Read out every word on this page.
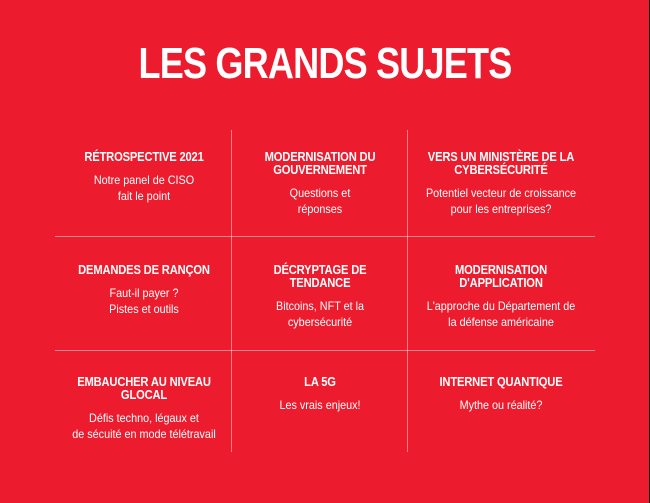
LES GRANDS SUJETS
RÉTROSPECTIVE 2021
Notre panel de CISO
fait le point
MODERNISATION DU
GOUVERNEMENT
Questions et
réponses
VERS UN MINISTÈRE DE LA
CYBERSÉCURITÉ
Potentiel vecteur de croissance
pour les entreprises?
DEMANDES DE RANÇON
Faut-il payer ?
Pistes et outils
DÉCRYPTAGE DE TENDANCE
Bitcoins, NFT et la
cybersécurité
MODERNISATION
D'APPLICATION
L'approche du Département de
la défense américaine
EMBAUCHER AU NIVEAU
GLOCAL
Défis techno, légaux et
de sécuité en mode télétravail
LA 5G
Les vrais enjeux!
INTERNET QUANTIQUE
Mythe ou réalité?
